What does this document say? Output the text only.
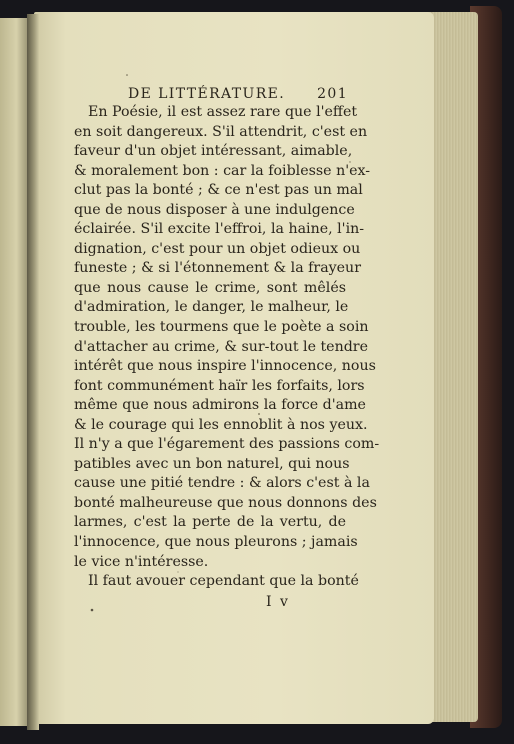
DE LITTÉRATURE. 201
En Poésie, il est assez rare que l'effet
en soit dangereux. S'il attendrit, c'est en
faveur d'un objet intéressant, aimable,
& moralement bon : car la foiblesse n'ex-
clut pas la bonté ; & ce n'est pas un mal
que de nous disposer à une indulgence
éclairée. S'il excite l'effroi, la haine, l'in-
dignation, c'est pour un objet odieux ou
funeste ; & si l'étonnement & la frayeur
que nous cause le crime, sont mêlés
d'admiration, le danger, le malheur, le
trouble, les tourmens que le poète a soin
d'attacher au crime, & sur-tout le tendre
intérêt que nous inspire l'innocence, nous
font communément haïr les forfaits, lors
même que nous admirons la force d'ame
& le courage qui les ennoblit à nos yeux.
Il n'y a que l'égarement des passions com-
patibles avec un bon naturel, qui nous
cause une pitié tendre : & alors c'est à la
bonté malheureuse que nous donnons des
larmes, c'est la perte de la vertu, de
l'innocence, que nous pleurons ; jamais
le vice n'intéresse.
Il faut avouer cependant que la bonté
I v
